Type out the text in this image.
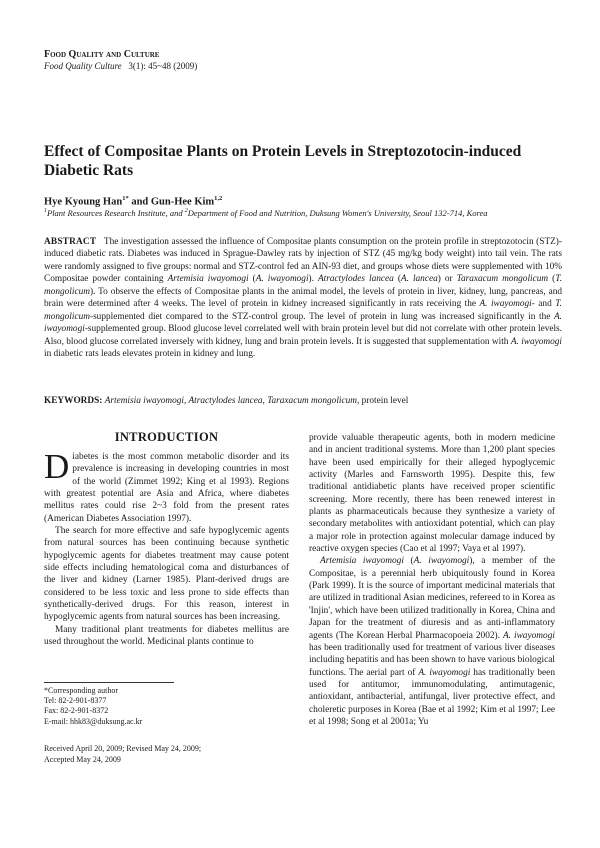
Food Quality and Culture
Food Quality Culture 3(1): 45~48 (2009)
Effect of Compositae Plants on Protein Levels in Streptozotocin-induced Diabetic Rats
Hye Kyoung Han$^{1*}$ and Gun-Hee Kim$^{1,2}$
$^1$Plant Resources Research Institute, and $^2$Department of Food and Nutrition, Duksung Women's University, Seoul 132-714, Korea
ABSTRACT The investigation assessed the influence of Compositae plants consumption on the protein profile in streptozotocin (STZ)-induced diabetic rats. Diabetes was induced in Sprague-Dawley rats by injection of STZ (45 mg/kg body weight) into tail vein. The rats were randomly assigned to five groups: normal and STZ-control fed an AIN-93 diet, and groups whose diets were supplemented with 10% Compositae powder containing Artemisia iwayomogi (A. iwayomogi). Atractylodes lancea (A. lancea) or Taraxacum mongolicum (T. mongolicum). To observe the effects of Compositae plants in the animal model, the levels of protein in liver, kidney, lung, pancreas, and brain were determined after 4 weeks. The level of protein in kidney increased significantly in rats receiving the A. iwayomogi- and T. mongolicum-supplemented diet compared to the STZ-control group. The level of protein in lung was increased significantly in the A. iwayomogi-supplemented group. Blood glucose level correlated well with brain protein level but did not correlate with other protein levels. Also, blood glucose correlated inversely with kidney, lung and brain protein levels. It is suggested that supplementation with A. iwayomogi in diabetic rats leads elevates protein in kidney and lung.
KEYWORDS: Artemisia iwayomogi, Atractylodes lancea, Taraxacum mongolicum, protein level
INTRODUCTION

Diabetes is the most common metabolic disorder and its prevalence is increasing in developing countries in most of the world (Zimmet 1992; King et al 1993). Regions with greatest potential are Asia and Africa, where diabetes mellitus rates could rise 2~3 fold from the present rates (American Diabetes Association 1997).

The search for more effective and safe hypoglycemic agents from natural sources has been continuing because synthetic hypoglycemic agents for diabetes treatment may cause potent side effects including hematological coma and disturbances of the liver and kidney (Larner 1985). Plant-derived drugs are considered to be less toxic and less prone to side effects than synthetically-derived drugs. For this reason, interest in hypoglycemic agents from natural sources has been increasing.

Many traditional plant treatments for diabetes mellitus are used throughout the world. Medicinal plants continue to

provide valuable therapeutic agents, both in modern medicine and in ancient traditional systems. More than 1,200 plant species have been used empirically for their alleged hypoglycemic activity (Marles and Farnsworth 1995). Despite this, few traditional antidiabetic plants have received proper scientific screening. More recently, there has been renewed interest in plants as pharmaceuticals because they synthesize a variety of secondary metabolites with antioxidant potential, which can play a major role in protection against molecular damage induced by reactive oxygen species (Cao et al 1997; Vaya et al 1997).

Artemisia iwayomogi (A. iwayomogi), a member of the Compositae, is a perennial herb ubiquitously found in Korea (Park 1999). It is the source of important medicinal materials that are utilized in traditional Asian medicines, refereed to in Korea as 'Injin', which have been utilized traditionally in Korea, China and Japan for the treatment of diuresis and as anti-inflammatory agents (The Korean Herbal Pharmacopoeia 2002). A. iwayomogi has been traditionally used for treatment of various liver diseases including hepatitis and has been shown to have various biological functions. The aerial part of A. iwayomogi has traditionally been used for antitumor, immunomodulating, antimutagenic, antioxidant, antibacterial, antifungal, liver protective effect, and choleretic purposes in Korea (Bae et al 1992; Kim et al 1997; Lee et al 1998; Song et al 2001a; Yu

*Corresponding author
Tel: 82-2-901-8377
Fax: 82-2-901-8372
E-mail: hhk83@duksung.ac.kr
Received April 20, 2009; Revised May 24, 2009;
Accepted May 24, 2009
